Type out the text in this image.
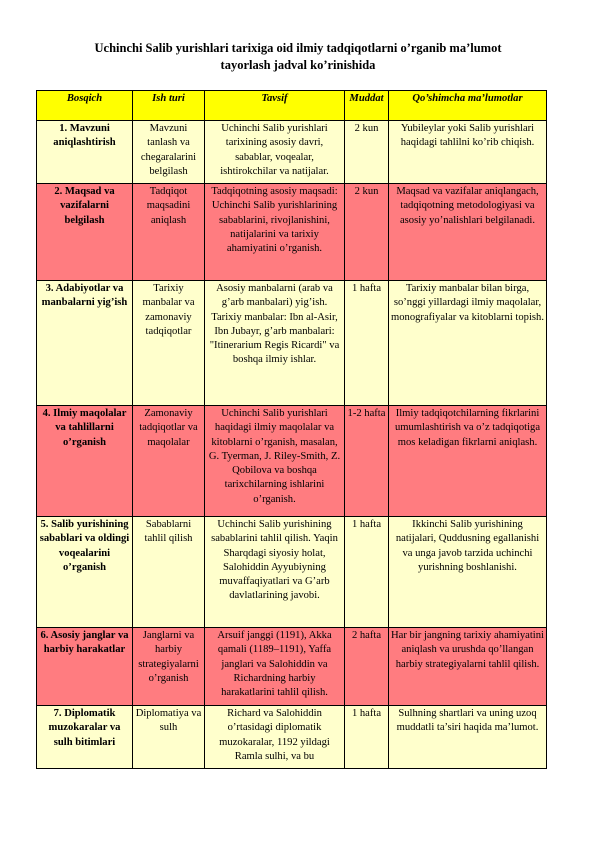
Uchinchi Salib yurishlari tarixiga oid ilmiy tadqiqotlarni o’rganib ma’lumot
tayorlash jadval ko’rinishida
Bosqich	Ish turi	Tavsif	Muddat	Qo’shimcha ma’lumotlar
1. Mavzuni aniqlashtirish	Mavzuni tanlash va chegaralarini belgilash	Uchinchi Salib yurishlari tarixining asosiy davri, sabablar, voqealar, ishtirokchilar va natijalar.	2 kun	Yubileylar yoki Salib yurishlari haqidagi tahlilni ko’rib chiqish.
2. Maqsad va vazifalarni belgilash	Tadqiqot maqsadini aniqlash	Tadqiqotning asosiy maqsadi: Uchinchi Salib yurishlarining sabablarini, rivojlanishini, natijalarini va tarixiy ahamiyatini o’rganish.	2 kun	Maqsad va vazifalar aniqlangach, tadqiqotning metodologiyasi va asosiy yo’nalishlari belgilanadi.
3. Adabiyotlar va manbalarni yig’ish	Tarixiy manbalar va zamonaviy tadqiqotlar	Asosiy manbalarni (arab va g’arb manbalari) yig’ish. Tarixiy manbalar: Ibn al-Asir, Ibn Jubayr, g’arb manbalari: "Itinerarium Regis Ricardi" va boshqa ilmiy ishlar.	1 hafta	Tarixiy manbalar bilan birga, so’nggi yillardagi ilmiy maqolalar, monografiyalar va kitoblarni topish.
4. Ilmiy maqolalar va tahlillarni o’rganish	Zamonaviy tadqiqotlar va maqolalar	Uchinchi Salib yurishlari haqidagi ilmiy maqolalar va kitoblarni o’rganish, masalan, G. Tyerman, J. Riley-Smith, Z. Qobilova va boshqa tarixchilarning ishlarini o’rganish.	1-2 hafta	Ilmiy tadqiqotchilarning fikrlarini umumlashtirish va o’z tadqiqotiga mos keladigan fikrlarni aniqlash.
5. Salib yurishining sabablari va oldingi voqealarini o’rganish	Sabablarni tahlil qilish	Uchinchi Salib yurishining sabablarini tahlil qilish. Yaqin Sharqdagi siyosiy holat, Salohiddin Ayyubiyning muvaffaqiyatlari va G’arb davlatlarining javobi.	1 hafta	Ikkinchi Salib yurishining natijalari, Quddusning egallanishi va unga javob tarzida uchinchi yurishning boshlanishi.
6. Asosiy janglar va harbiy harakatlar	Janglarni va harbiy strategiyalarni o’rganish	Arsuif janggi (1191), Akka qamali (1189–1191), Yaffa janglari va Salohiddin va Richardning harbiy harakatlarini tahlil qilish.	2 hafta	Har bir jangning tarixiy ahamiyatini aniqlash va urushda qo’llangan harbiy strategiyalarni tahlil qilish.
7. Diplomatik muzokaralar va sulh bitimlari	Diplomatiya va sulh	Richard va Salohiddin o’rtasidagi diplomatik muzokaralar, 1192 yildagi Ramla sulhi, va bu	1 hafta	Sulhning shartlari va uning uzoq muddatli ta’siri haqida ma’lumot.
